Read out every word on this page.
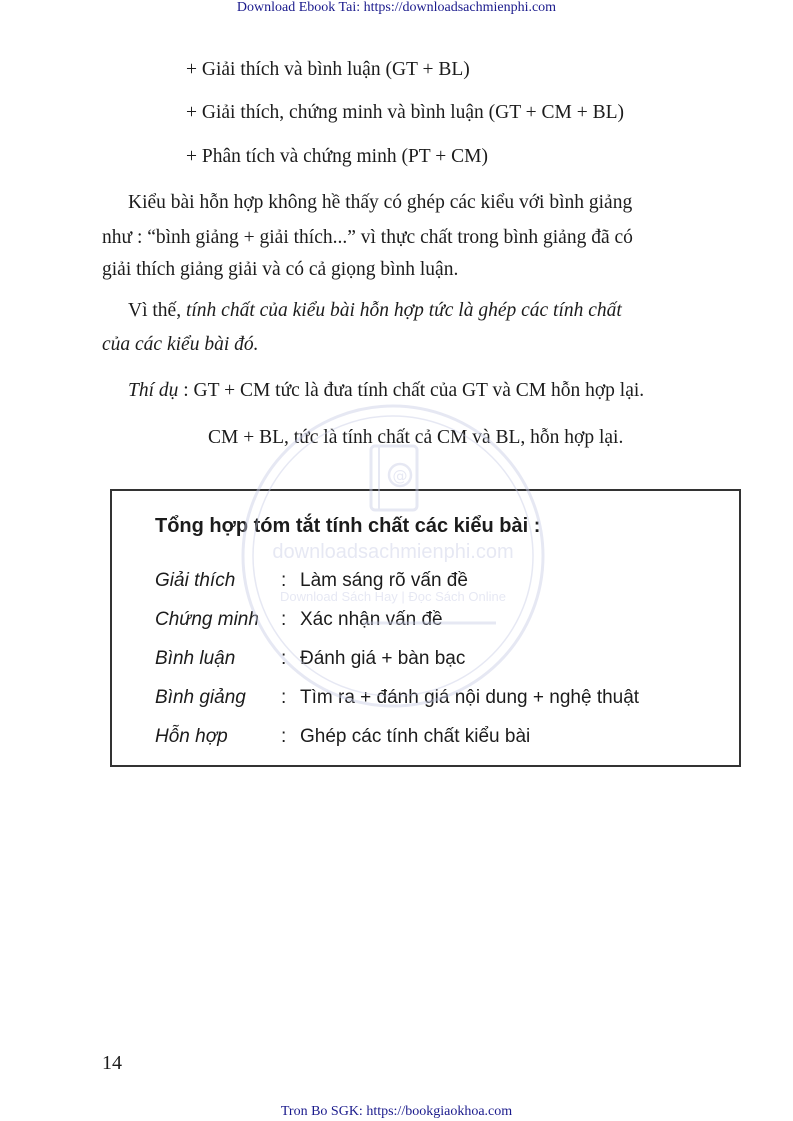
Download Ebook Tai: https://downloadsachmienphi.com
+ Giải thích và bình luận (GT + BL)
+ Giải thích, chứng minh và bình luận (GT + CM + BL)
+ Phân tích và chứng minh (PT + CM)
Kiểu bài hỗn hợp không hề thấy có ghép các kiểu với bình giảng
như : “bình giảng + giải thích...” vì thực chất trong bình giảng đã có
giải thích giảng giải và có cả giọng bình luận.
Vì thế, tính chất của kiểu bài hỗn hợp tức là ghép các tính chất
của các kiểu bài đó.
Thí dụ : GT + CM tức là đưa tính chất của GT và CM hỗn hợp lại.
CM + BL, tức là tính chất cả CM và BL, hỗn hợp lại.
Tổng hợp tóm tắt tính chất các kiểu bài :
Giải thích : Làm sáng rõ vấn đề
Chứng minh : Xác nhận vấn đề
Bình luận : Đánh giá + bàn bạc
Bình giảng : Tìm ra + đánh giá nội dung + nghệ thuật
Hỗn hợp	: Ghép các tính chất kiểu bài
@
downloadsachmienphi.com
Download Sách Hay | Đọc Sách Online
14
Tron Bo SGK: https://bookgiaokhoa.com
